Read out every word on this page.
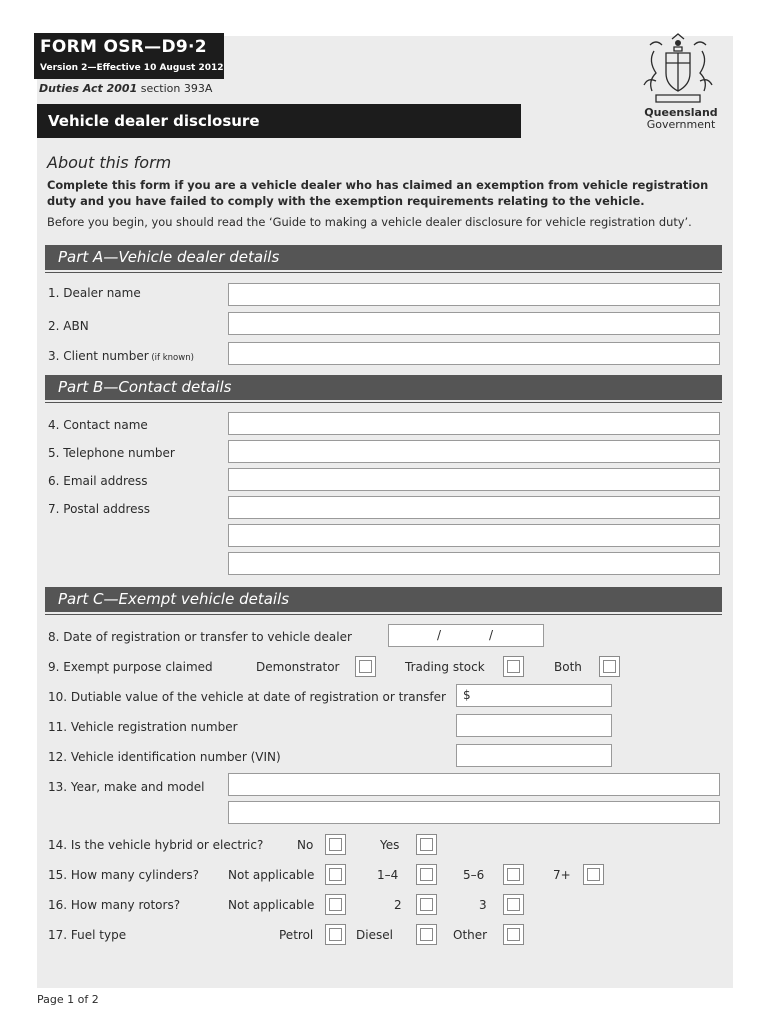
FORM OSR—D9·2
Version 2—Effective 10 August 2012
Duties Act 2001 section 393A
Vehicle dealer disclosure	Queensland
Government
About this form
Complete this form if you are a vehicle dealer who has claimed an exemption from vehicle registration duty and you have failed to comply with the exemption requirements relating to the vehicle.
Before you begin, you should read the ‘Guide to making a vehicle dealer disclosure for vehicle registration duty’.
Part A—Vehicle dealer details
1. Dealer name
2. ABN
3. Client number (if known)
Part B—Contact details
4. Contact name
5. Telephone number
6. Email address
7. Postal address
Part C—Exempt vehicle details
8. Date of registration or transfer to vehicle dealer	/	/
9. Exempt purpose claimed	Demonstrator	Trading stock	Both
10. Dutiable value of the vehicle at date of registration or transfer $
11. Vehicle registration number
12. Vehicle identification number (VIN)
13. Year, make and model
14. Is the vehicle hybrid or electric?	No	Yes
15. How many cylinders? Not applicable	1–4	5–6	7+
16. How many rotors?	Not applicable	2	3
17. Fuel type	Petrol	Diesel	Other
Page 1 of 2
